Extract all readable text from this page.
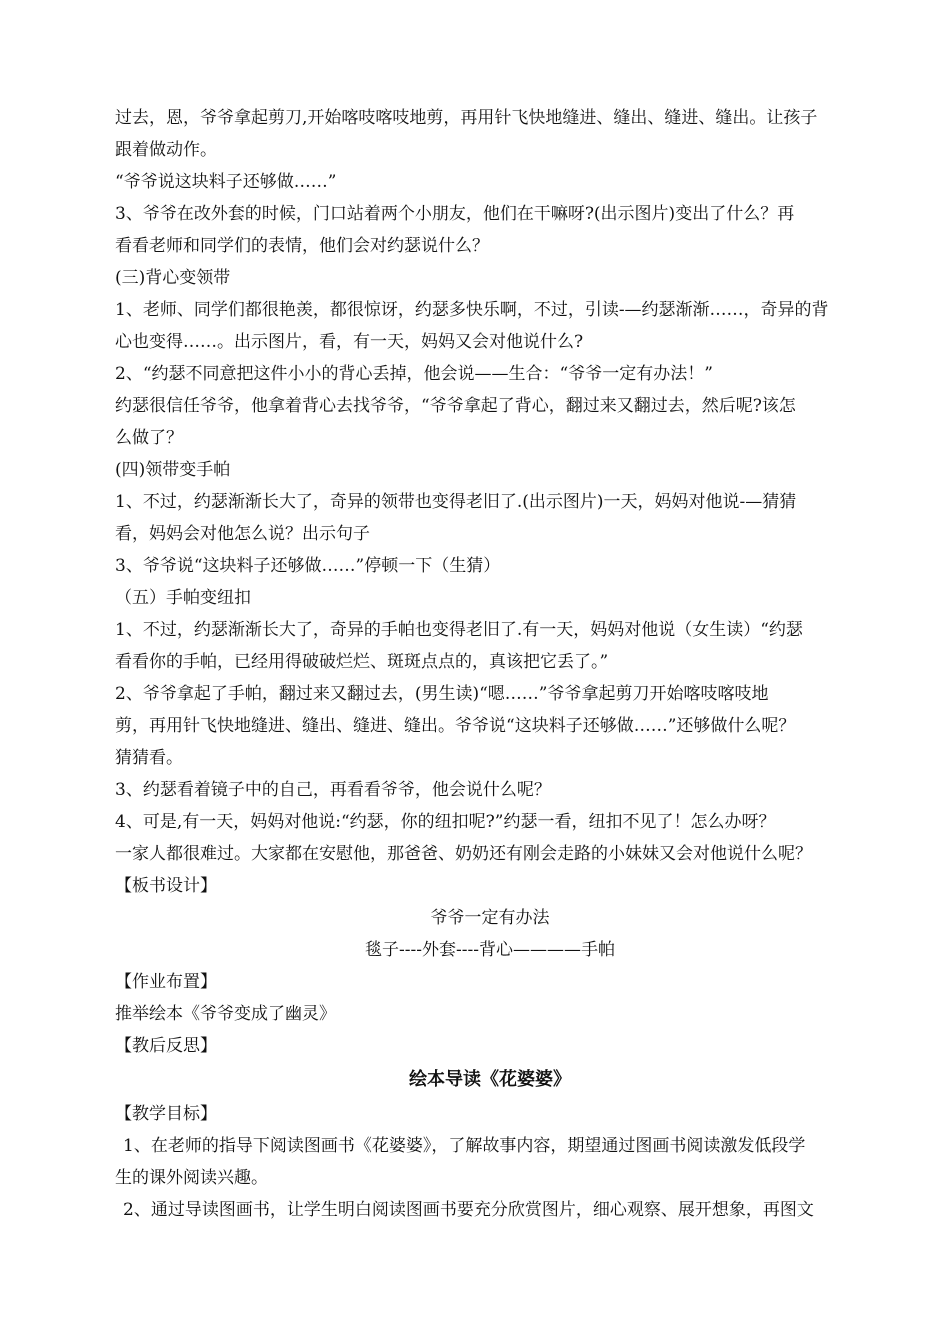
过去，恩，爷爷拿起剪刀,开始喀吱喀吱地剪，再用针飞快地缝进、缝出、缝进、缝出。让孩子
跟着做动作。
“爷爷说这块料子还够做……”
3、爷爷在改外套的时候，门口站着两个小朋友，他们在干嘛呀?(出示图片)变出了什么？再
看看老师和同学们的表情，他们会对约瑟说什么？
(三)背心变领带
1、老师、同学们都很艳羡，都很惊讶，约瑟多快乐啊，不过，引读-—约瑟渐渐……，奇异的背
心也变得……。出示图片，看，有一天，妈妈又会对他说什么?
2、“约瑟不同意把这件小小的背心丢掉，他会说——生合：“爷爷一定有办法！”
约瑟很信任爷爷，他拿着背心去找爷爷，“爷爷拿起了背心，翻过来又翻过去，然后呢?该怎
么做了？
(四)领带变手帕
1、不过，约瑟渐渐长大了，奇异的领带也变得老旧了.(出示图片)一天，妈妈对他说-—猜猜
看，妈妈会对他怎么说？出示句子
3、爷爷说“这块料子还够做……”停顿一下（生猜）
（五）手帕变纽扣
1、不过，约瑟渐渐长大了，奇异的手帕也变得老旧了.有一天，妈妈对他说（女生读）“约瑟
看看你的手帕，已经用得破破烂烂、斑斑点点的，真该把它丢了。”
2、爷爷拿起了手帕，翻过来又翻过去，(男生读)“嗯……”爷爷拿起剪刀开始喀吱喀吱地
剪，再用针飞快地缝进、缝出、缝进、缝出。爷爷说“这块料子还够做……”还够做什么呢？
猜猜看。
3、约瑟看着镜子中的自己，再看看爷爷，他会说什么呢？
4、可是,有一天，妈妈对他说:“约瑟，你的纽扣呢?”约瑟一看，纽扣不见了！怎么办呀？
一家人都很难过。大家都在安慰他，那爸爸、奶奶还有刚会走路的小妹妹又会对他说什么呢？
【板书设计】
爷爷一定有办法
毯子----外套----背心————手帕
【作业布置】
推举绘本《爷爷变成了幽灵》
【教后反思】
绘本导读《花婆婆》
【教学目标】
1、在老师的指导下阅读图画书《花婆婆》，了解故事内容，期望通过图画书阅读激发低段学
生的课外阅读兴趣。
2、通过导读图画书，让学生明白阅读图画书要充分欣赏图片，细心观察、展开想象，再图文
